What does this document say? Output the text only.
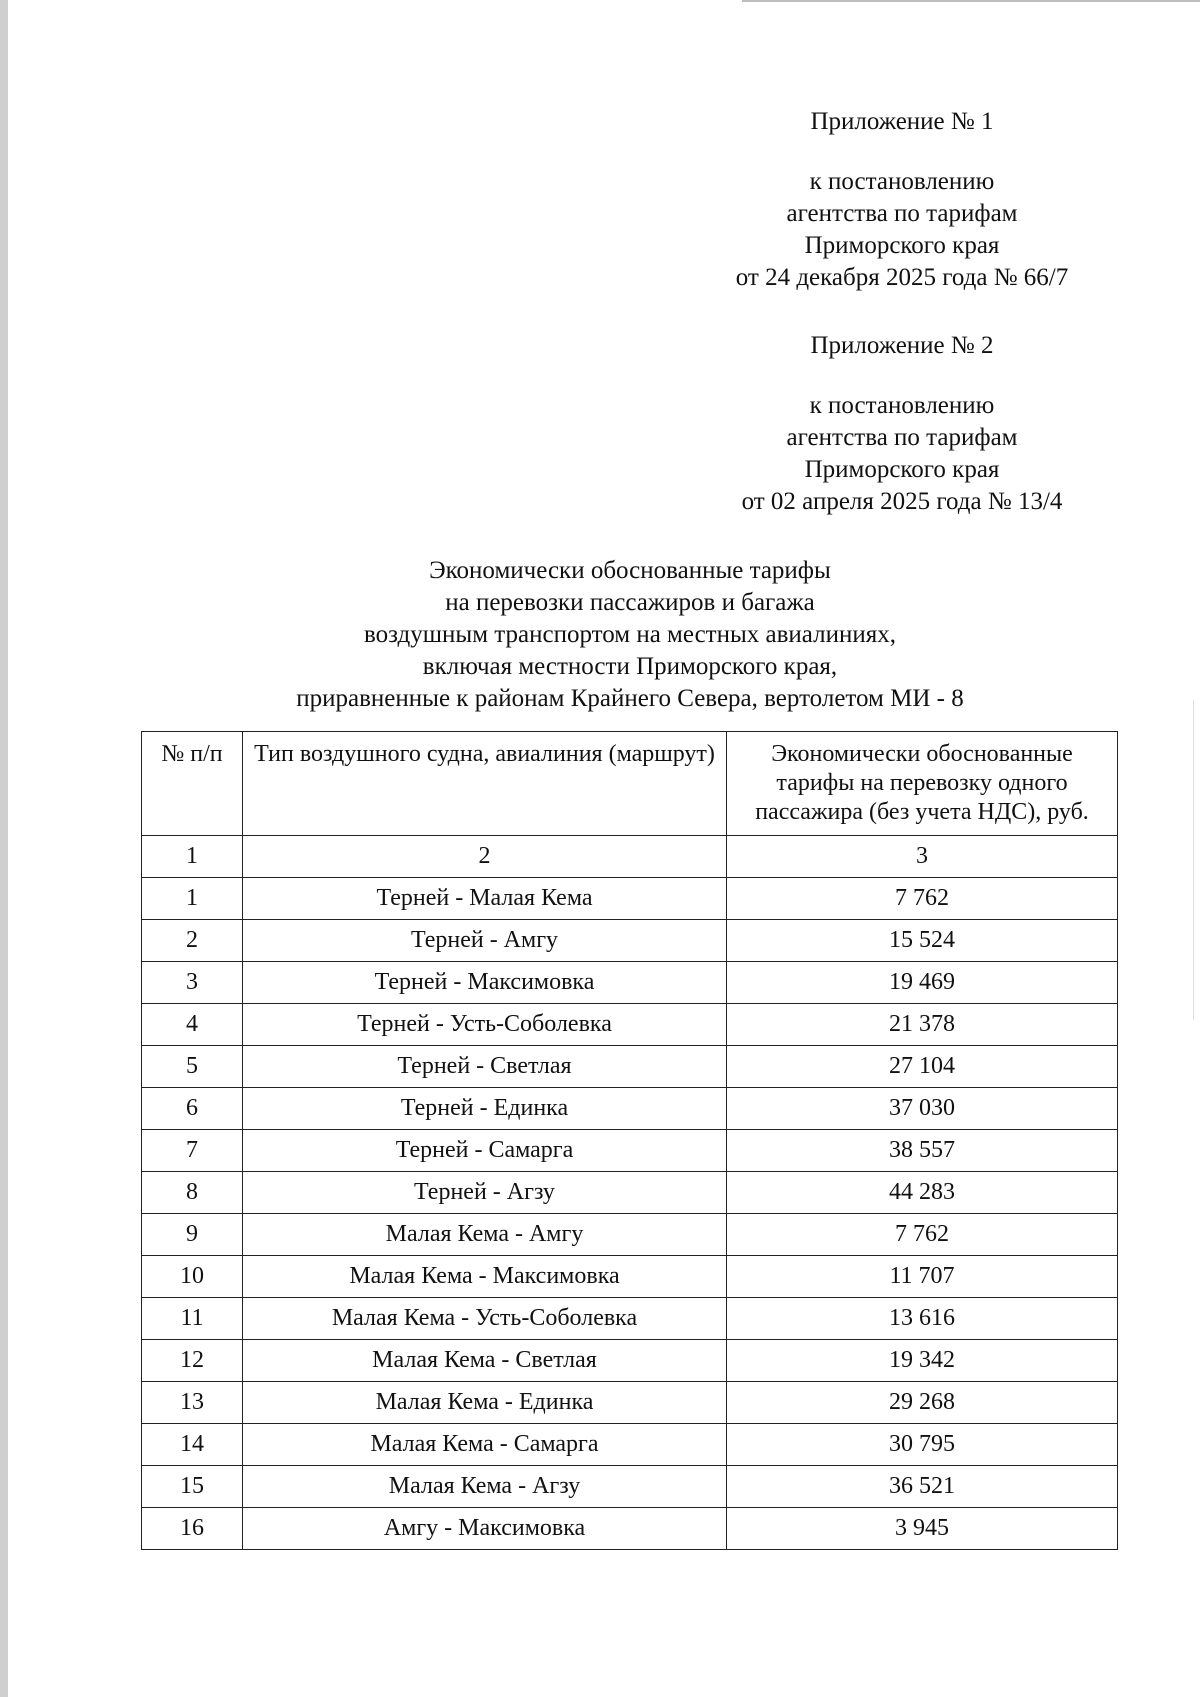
Приложение № 1
к постановлению
агентства по тарифам
Приморского края
от 24 декабря 2025 года № 66/7
Приложение № 2
к постановлению
агентства по тарифам
Приморского края
от 02 апреля 2025 года № 13/4
Экономически обоснованные тарифы
на перевозки пассажиров и багажа
воздушным транспортом на местных авиалиниях,
включая местности Приморского края,
приравненные к районам Крайнего Севера, вертолетом МИ - 8
№ п/п	Тип воздушного судна, авиалиния (маршрут)	Экономически обоснованные тарифы на перевозку одного пассажира (без учета НДС), руб.
1	2	3
1	Терней - Малая Кема	7 762
2	Терней - Амгу	15 524
3	Терней - Максимовка	19 469
4	Терней - Усть-Соболевка	21 378
5	Терней - Светлая	27 104
6	Терней - Единка	37 030
7	Терней - Самарга	38 557
8	Терней - Агзу	44 283
9	Малая Кема - Амгу	7 762
10	Малая Кема - Максимовка	11 707
11	Малая Кема - Усть-Соболевка	13 616
12	Малая Кема - Светлая	19 342
13	Малая Кема - Единка	29 268
14	Малая Кема - Самарга	30 795
15	Малая Кема - Агзу	36 521
16	Амгу - Максимовка	3 945
